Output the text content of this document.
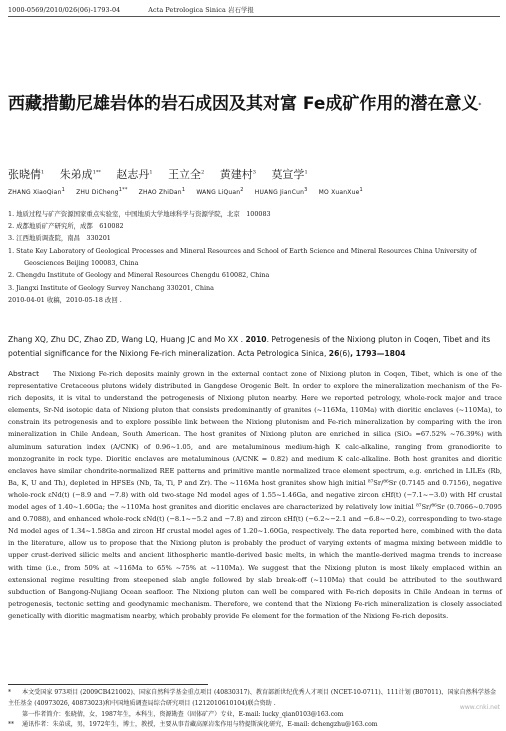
1000-0569/2010/026(06)-1793-04	Acta Petrologica Sinica 岩石学报
西藏措勤尼雄岩体的岩石成因及其对富 Fe成矿作用的潜在意义*
张晓倩$^1$ 朱弟成$^{1**}$ 赵志丹$^1$ 王立全$^2$ 黄建村$^3$ 莫宣学$^1$
ZHANG XiaoQian$^1$ ZHU DiCheng$^{1**}$ ZHAO ZhiDan$^1$ WANG LiQuan$^2$ HUANG JianCun$^3$ MO XuanXue$^1$
1. 地质过程与矿产资源国家重点实验室，中国地质大学地球科学与资源学院，北京　100083
2. 成都地质矿产研究所，成都　610082
3. 江西地质调查院，南昌　330201
1. State Key Laboratory of Geological Processes and Mineral Resources and School of Earth Science and Mineral Resources China University of
Geosciences Beijing 100083, China
2. Chengdu Institute of Geology and Mineral Resources Chengdu 610082, China
3. Jiangxi Institute of Geology Survey Nanchang 330201, China
2010-04-01 收稿，2010-05-18 改回 .
Zhang XQ, Zhu DC, Zhao ZD, Wang LQ, Huang JC and Mo XX . 2010. Petrogenesis of the Nixiong pluton in Coqen, Tibet and its potential significance for the Nixiong Fe-rich mineralization. Acta Petrologica Sinica, 26(6), 1793—1804
Abstract The Nixiong Fe-rich deposits mainly grown in the external contact zone of Nixiong pluton in Coqen, Tibet, which is one of the representative Cretaceous plutons widely distributed in Gangdese Orogenic Belt. In order to explore the mineralization mechanism of the Fe-rich deposits, it is vital to understand the petrogenesis of Nixiong pluton nearby. Here we reported petrology, whole-rock major and trace elements, Sr-Nd isotopic data of Nixiong pluton that consists predominantly of granites (~116Ma, 110Ma) with dioritic enclaves (~110Ma), to constrain its petrogenesis and to explore possible link between the Nixiong plutonism and Fe-rich mineralization by comparing with the iron mineralization in Chile Andean, South American. The host granites of Nixiong pluton are enriched in silica (SiO₂ =67.52% ~76.39%) with aluminum saturation index (A/CNK) of 0.96~1.05, and are metaluminous medium-high K calc-alkaline, ranging from granodiorite to monzogranite in rock type. Dioritic enclaves are metaluminous (A/CNK = 0.82) and medium K calc-alkaline. Both host granites and dioritic enclaves have similar chondrite-normalized REE patterns and primitive mantle normalized trace element spectrum, e.g. enriched in LILEs (Rb, Ba, K, U and Th), depleted in HFSEs (Nb, Ta, Ti, P and Zr). The ~116Ma host granites show high initial ⁸⁷Sr/⁸⁶Sr (0.7145 and 0.7156), negative whole-rock εNd(t) (−8.9 and −7.8) with old two-stage Nd model ages of 1.55~1.46Ga, and negative zircon εHf(t) (−7.1~−3.0) with Hf crustal model ages of 1.40~1.60Ga; the ~110Ma host granites and dioritic enclaves are characterized by relatively low initial ⁸⁷Sr/⁸⁶Sr (0.7066~0.7095 and 0.7088), and enhanced whole-rock εNd(t) (−8.1~−5.2 and −7.8) and zircon εHf(t) (−6.2~−2.1 and −6.8~−0.2), corresponding to two-stage Nd model ages of 1.34~1.58Ga and zircon Hf crustal model ages of 1.20~1.60Ga, respectively. The data reported here, combined with the data in the literature, allow us to propose that the Nixiong pluton is probably the product of varying extents of magma mixing between middle to upper crust-derived silicic melts and ancient lithospheric mantle-derived basic melts, in which the mantle-derived magma trends to increase with time (i.e., from 50% at ~116Ma to 65% ~75% at ~110Ma). We suggest that the Nixiong pluton is most likely emplaced within an extensional regime resulting from steepened slab angle followed by slab break-off (~110Ma) that could be attributed to the southward subduction of Bangong-Nujiang Ocean seafloor. The Nixiong pluton can well be compared with Fe-rich deposits in Chile Andean in terms of petrogenesis, tectonic setting and geodynamic mechanism. Therefore, we contend that the Nixiong Fe-rich mineralization is closely associated genetically with dioritic magmatism nearby, which probably provide Fe element for the formation of the Nixiong Fe-rich deposits.
* 本文受国家 973项目 (2009CB421002)、国家自然科学基金重点项目 (40830317)、教育部新世纪优秀人才项目 (NCET-10-0711)、111计划 (B07011)、国家自然科学基金主任基金 (40973026, 40873023)和中国地质调查局综合研究项目 (1212010610104)联合资助 .
第一作者简介：张晓倩，女，1987年生，本科生，资源勘查（固体矿产）专业，E-mail: lucky_qian0103@163.com
** 通讯作者：朱弟成，男，1972年生，博士，教授，主要从事青藏高原岩浆作用与特提斯演化研究，E-mail: dchengzhu@163.com
www.cnki.net
